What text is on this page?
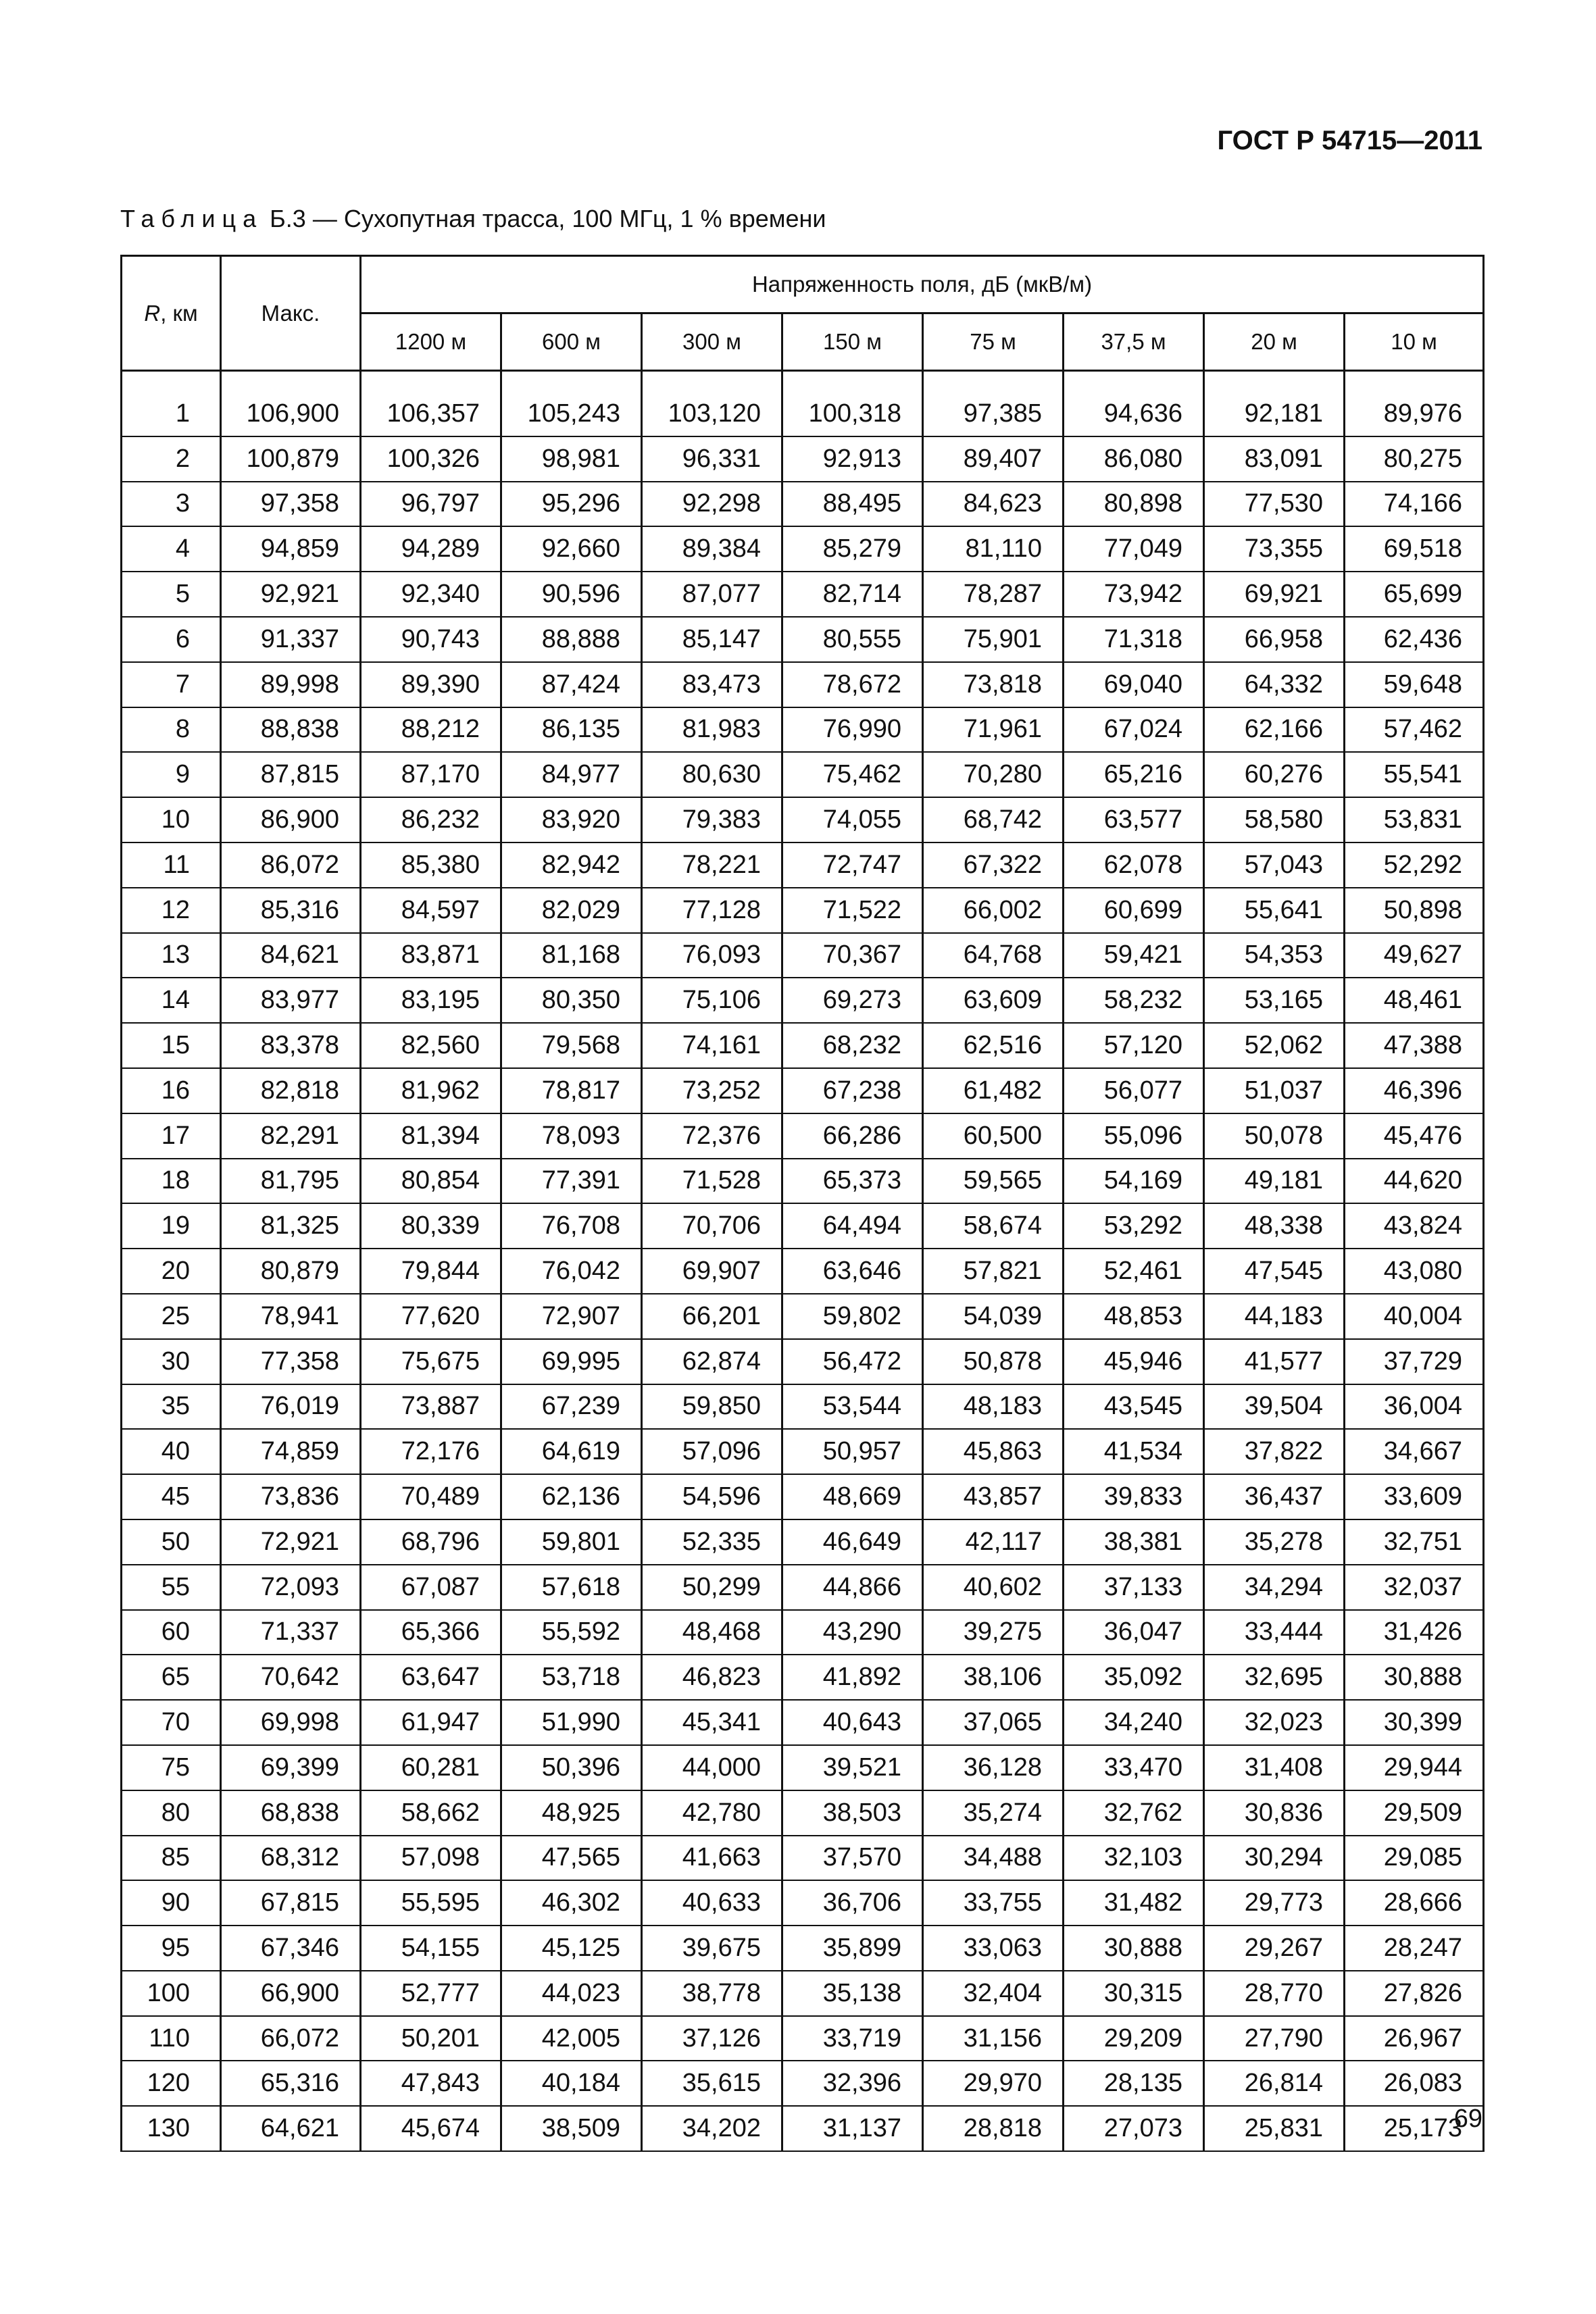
ГОСТ Р 54715—2011
Таблица Б.3 — Сухопутная трасса, 100 МГц, 1 % времени
R, км	Макс.	Напряженность поля, дБ (мкВ/м)							
		1200 м	600 м	300 м	150 м	75 м	37,5 м	20 м	10 м

1	106,900	106,357	105,243	103,120	100,318	97,385	94,636	92,181	89,976
2	100,879	100,326	98,981	96,331	92,913	89,407	86,080	83,091	80,275
3	97,358	96,797	95,296	92,298	88,495	84,623	80,898	77,530	74,166
4	94,859	94,289	92,660	89,384	85,279	81,110	77,049	73,355	69,518
5	92,921	92,340	90,596	87,077	82,714	78,287	73,942	69,921	65,699
6	91,337	90,743	88,888	85,147	80,555	75,901	71,318	66,958	62,436
7	89,998	89,390	87,424	83,473	78,672	73,818	69,040	64,332	59,648
8	88,838	88,212	86,135	81,983	76,990	71,961	67,024	62,166	57,462
9	87,815	87,170	84,977	80,630	75,462	70,280	65,216	60,276	55,541
10	86,900	86,232	83,920	79,383	74,055	68,742	63,577	58,580	53,831
11	86,072	85,380	82,942	78,221	72,747	67,322	62,078	57,043	52,292
12	85,316	84,597	82,029	77,128	71,522	66,002	60,699	55,641	50,898
13	84,621	83,871	81,168	76,093	70,367	64,768	59,421	54,353	49,627
14	83,977	83,195	80,350	75,106	69,273	63,609	58,232	53,165	48,461
15	83,378	82,560	79,568	74,161	68,232	62,516	57,120	52,062	47,388
16	82,818	81,962	78,817	73,252	67,238	61,482	56,077	51,037	46,396
17	82,291	81,394	78,093	72,376	66,286	60,500	55,096	50,078	45,476
18	81,795	80,854	77,391	71,528	65,373	59,565	54,169	49,181	44,620
19	81,325	80,339	76,708	70,706	64,494	58,674	53,292	48,338	43,824
20	80,879	79,844	76,042	69,907	63,646	57,821	52,461	47,545	43,080
25	78,941	77,620	72,907	66,201	59,802	54,039	48,853	44,183	40,004
30	77,358	75,675	69,995	62,874	56,472	50,878	45,946	41,577	37,729
35	76,019	73,887	67,239	59,850	53,544	48,183	43,545	39,504	36,004
40	74,859	72,176	64,619	57,096	50,957	45,863	41,534	37,822	34,667
45	73,836	70,489	62,136	54,596	48,669	43,857	39,833	36,437	33,609
50	72,921	68,796	59,801	52,335	46,649	42,117	38,381	35,278	32,751
55	72,093	67,087	57,618	50,299	44,866	40,602	37,133	34,294	32,037
60	71,337	65,366	55,592	48,468	43,290	39,275	36,047	33,444	31,426
65	70,642	63,647	53,718	46,823	41,892	38,106	35,092	32,695	30,888
70	69,998	61,947	51,990	45,341	40,643	37,065	34,240	32,023	30,399
75	69,399	60,281	50,396	44,000	39,521	36,128	33,470	31,408	29,944
80	68,838	58,662	48,925	42,780	38,503	35,274	32,762	30,836	29,509
85	68,312	57,098	47,565	41,663	37,570	34,488	32,103	30,294	29,085
90	67,815	55,595	46,302	40,633	36,706	33,755	31,482	29,773	28,666
95	67,346	54,155	45,125	39,675	35,899	33,063	30,888	29,267	28,247
100	66,900	52,777	44,023	38,778	35,138	32,404	30,315	28,770	27,826
110	66,072	50,201	42,005	37,126	33,719	31,156	29,209	27,790	26,967
120	65,316	47,843	40,184	35,615	32,396	29,970	28,135	26,814	26,083
130	64,621	45,674	38,509	34,202	31,137	28,818	27,073	25,831	25,173
69
